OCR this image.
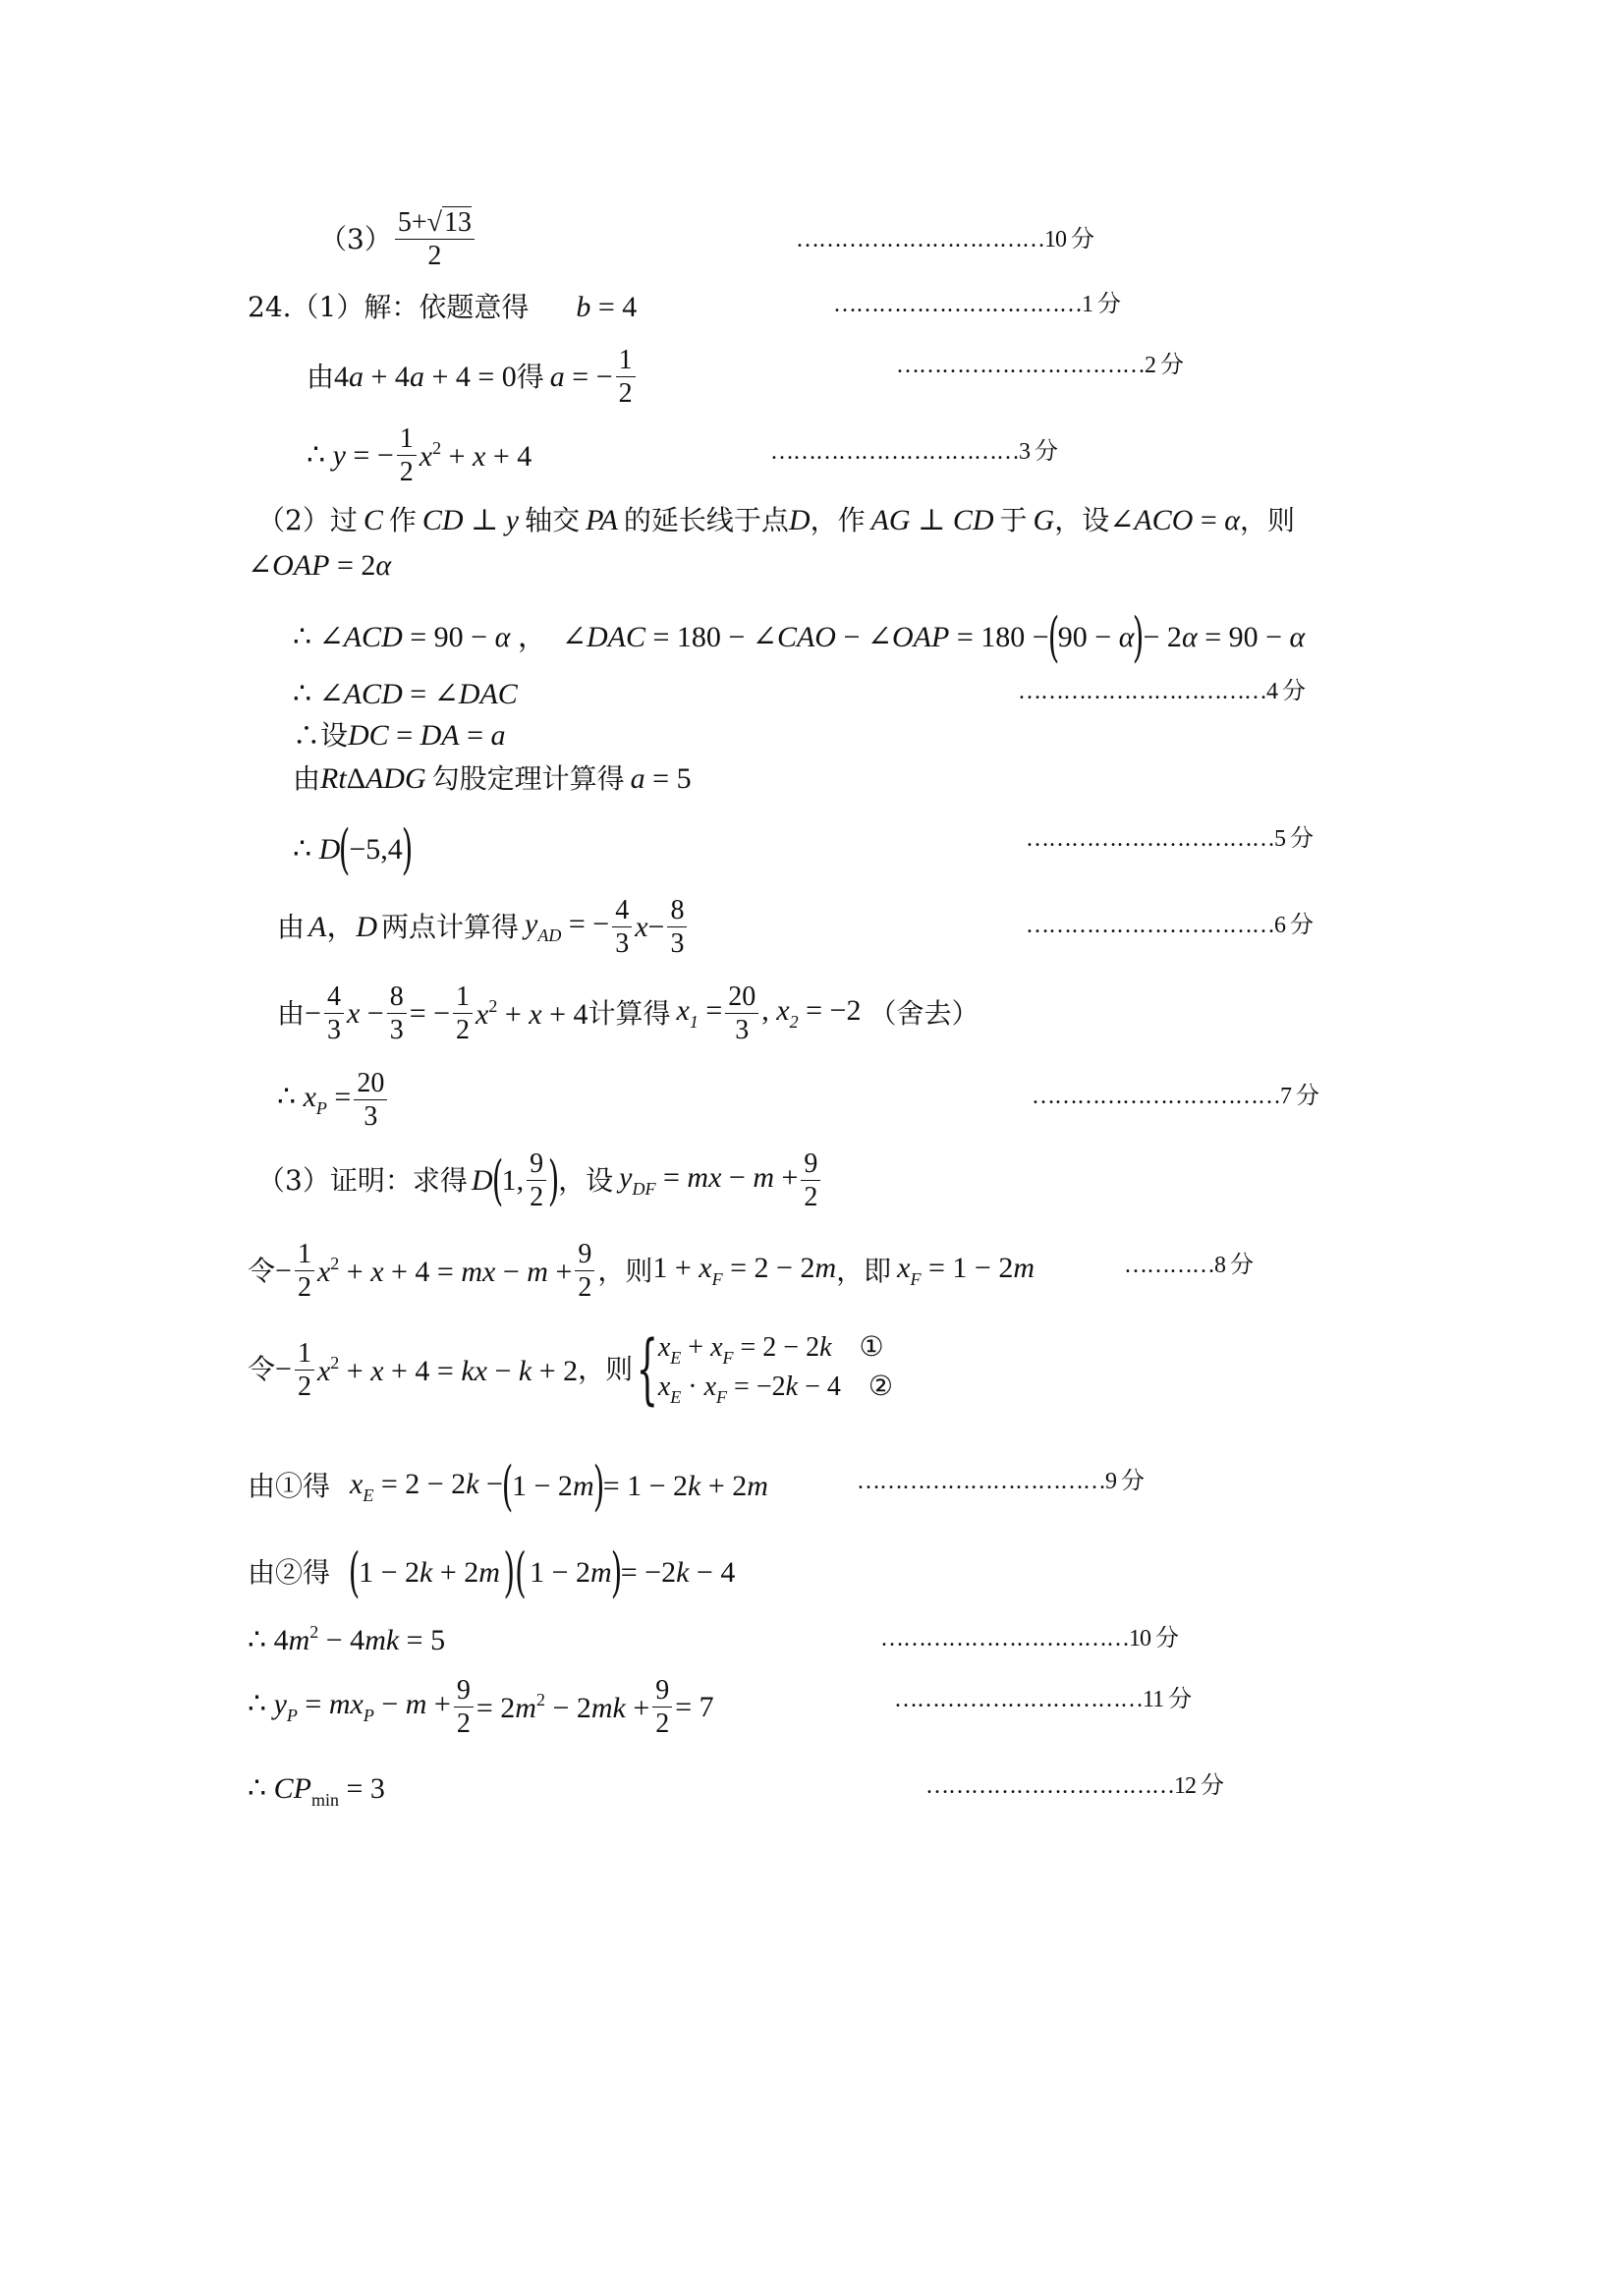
$(3) \frac{5+√13}{2}$	……………………………10 分
24.（1）解：依题意得 b = 4	……………………………1 分
由 4a + 4a + 4 = 0 得 a = − $\frac{1}{2}$	……………………………2 分
∴ y = − $\frac{1}{2} x^2 + x + 4$	……………………………3 分
（2）过 C 作 CD ⊥ y 轴交 PA 的延长线于点 D ，作 AG ⊥ CD 于 G ，设 ∠ACO = α ，则
∠OAP = 2α
∴ ∠ACD = 90 − α ，  ∠DAC = 180 − ∠CAO − ∠OAP = 180 −
(
90 − α
)
− 2α = 90 − α
∴ ∠ACD = ∠DAC	……………………………4 分
∴设 DC = DA = a
由 RtΔADG 勾股定理计算得 a = 5
∴ D
(
−5,4
)	……………………………5 分
由 A，D 两点计算得 $y_{AD}$ = − $\frac{4}{3}$ $x - \frac{8}{3}$	……………………………6 分
由 − $\frac{4}{3}$ $x - \frac{8}{3}$ = − $\frac{1}{2} x^2 + x + 4$ 计算得 $x_1 = \frac{20}{3}$ , $x_2 = -2$ （舍去）
∴ $x_P = \frac{20}{3}$	……………………………7 分
（3）证明：求得 D
(
1, $\frac{9}{2}$ )
，设 $y_{DF}$ = mx − $m + \frac{9}{2}$
令 − $\frac{1}{2} x^2 + x + 4$ = mx − $m + \frac{9}{2}$ ，则 $1 + x_F = 2 - 2m$ ，即 $x_F = 1 - 2m$	…………8 分
令 − $\frac{1}{2} x^2 + x + 4$ = kx − k + 2 ，则 { $x_E + x_F = 2 - 2k$ ①
$x_E \cdot x_F = -2k - 4$    ②
由①得 $x_E = 2 - 2k$ −
(
1 − 2m
)
= 1 − 2k + 2m	……………………………9 分
由②得 (
1 − 2k + 2m )( 1 − 2m
)
= −2k − 4
∴ $4m^2 - 4mk = 5$	……………………………10 分
∴ $y_P = mx_P - m + \frac{9}{2} = 2m^2 - 2mk + \frac{9}{2} = 7$	……………………………11 分
∴ $CP_{min} = 3$	……………………………12 分
